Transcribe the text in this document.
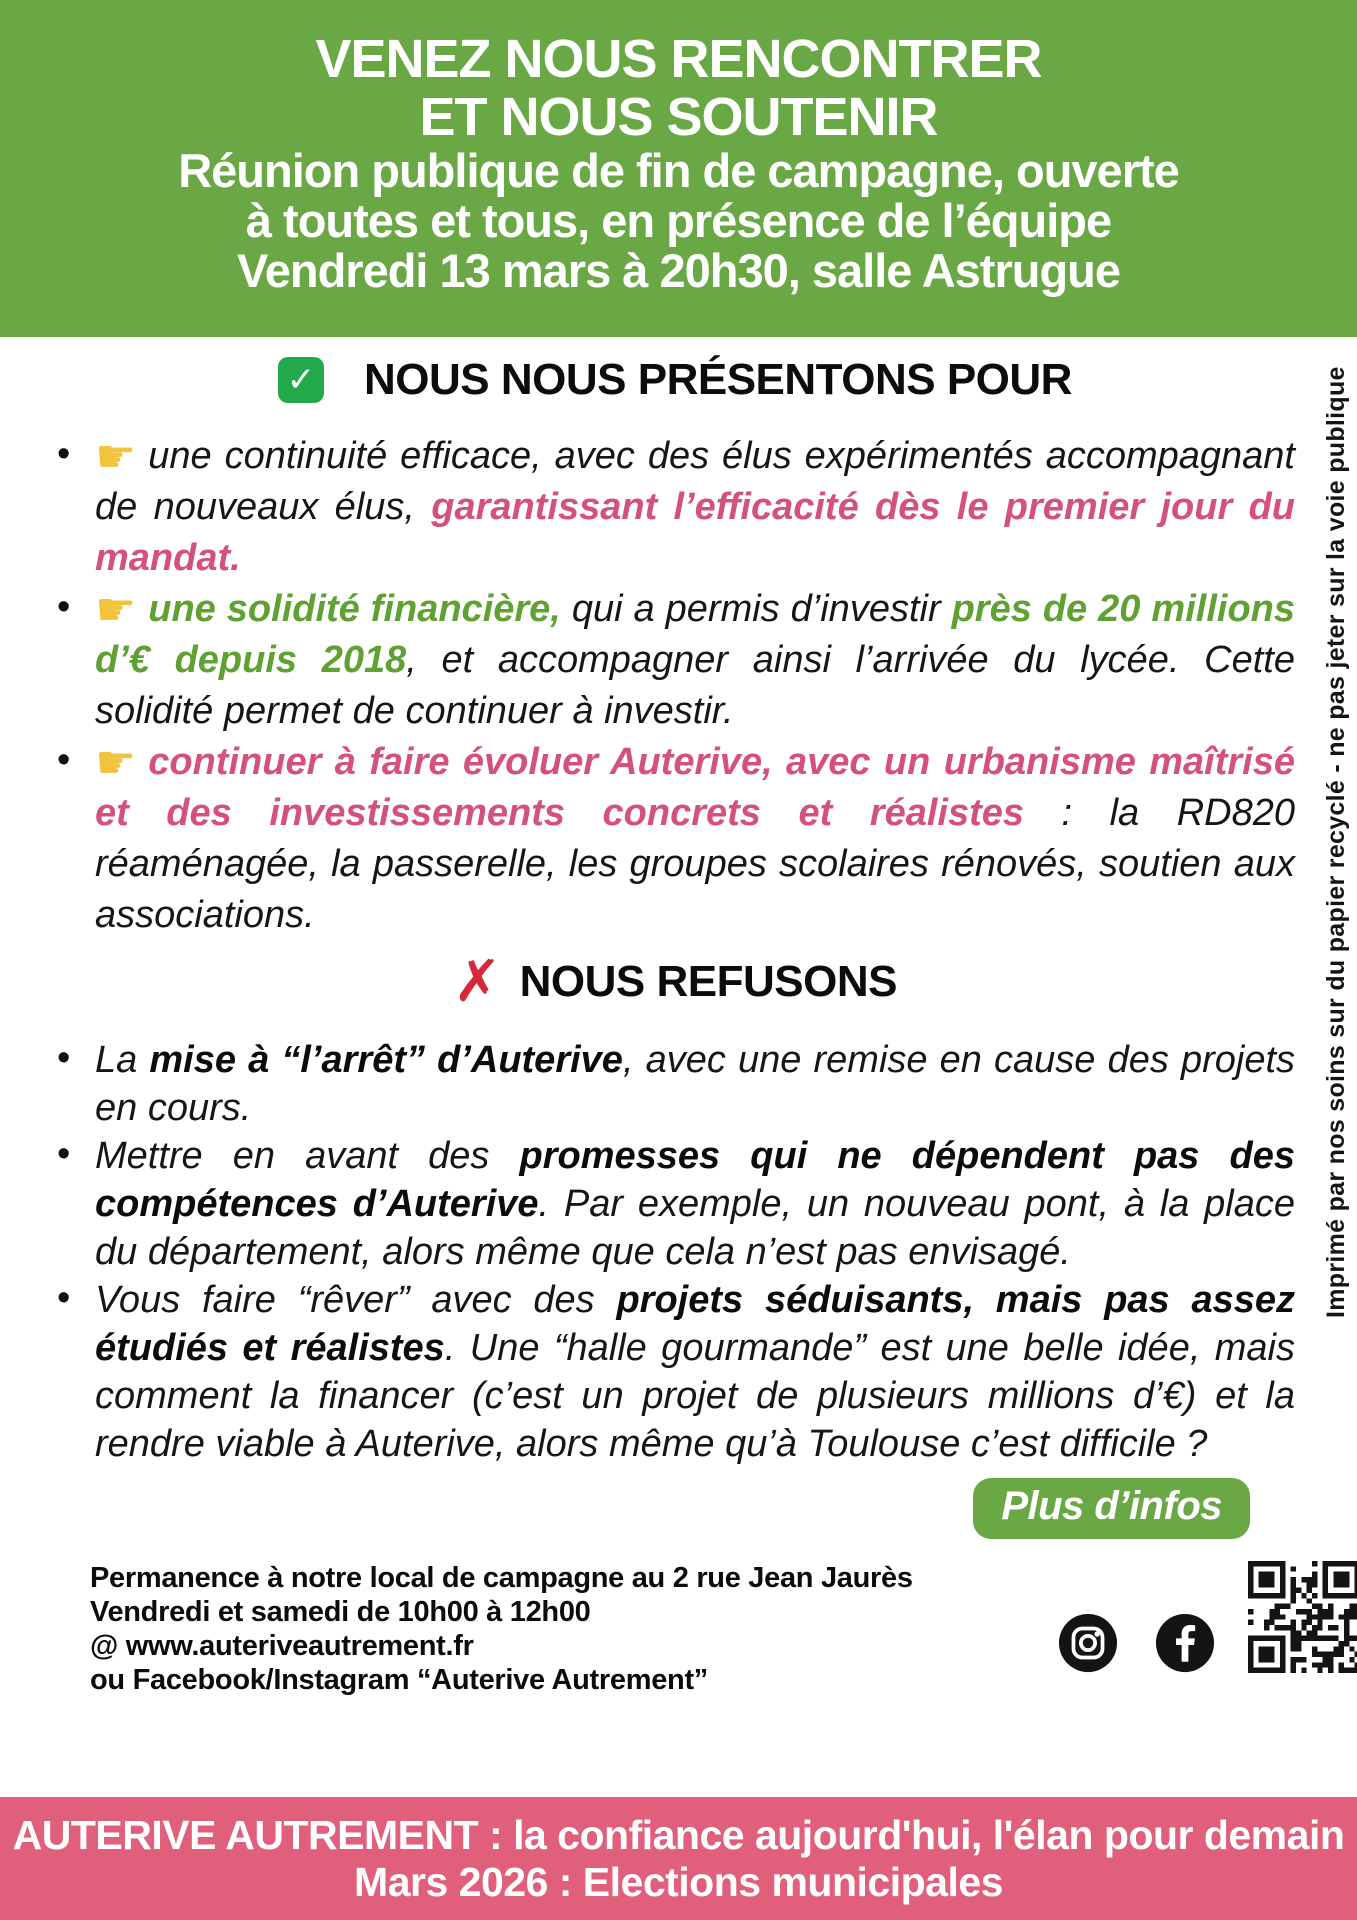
VENEZ NOUS RENCONTRER
ET NOUS SOUTENIR
Réunion publique de fin de campagne, ouverte
à toutes et tous, en présence de l’équipe
Vendredi 13 mars à 20h30, salle Astrugue
✓ NOUS NOUS PRÉSENTONS POUR
• ☛ une continuité efficace, avec des élus expérimentés accompagnant de nouveaux élus, garantissant l’efficacité dès le premier jour du mandat.
• ☛ une solidité financière, qui a permis d’investir près de 20 millions d’€ depuis 2018, et accompagner ainsi l’arrivée du lycée. Cette solidité permet de continuer à investir.
• ☛ continuer à faire évoluer Auterive, avec un urbanisme maîtrisé et des investissements concrets et réalistes : la RD820 réaménagée, la passerelle, les groupes scolaires rénovés, soutien aux associations.
✗ NOUS REFUSONS
• La mise à “l’arrêt” d’Auterive, avec une remise en cause des projets en cours.
• Mettre en avant des promesses qui ne dépendent pas des compétences d’Auterive. Par exemple, un nouveau pont, à la place du département, alors même que cela n’est pas envisagé.
• Vous faire “rêver” avec des projets séduisants, mais pas assez étudiés et réalistes. Une “halle gourmande” est une belle idée, mais comment la financer (c’est un projet de plusieurs millions d’€) et la rendre viable à Auterive, alors même qu’à Toulouse c’est difficile ?
Plus d’infos
Permanence à notre local de campagne au 2 rue Jean Jaurès
Vendredi et samedi de 10h00 à 12h00
@ www.auteriveautrement.fr
ou Facebook/Instagram “Auterive Autrement”
AUTERIVE AUTREMENT : la confiance aujourd'hui, l'élan pour demain
Mars 2026 : Elections municipales
Imprimé par nos soins sur du papier recyclé - ne pas jeter sur la voie publique
